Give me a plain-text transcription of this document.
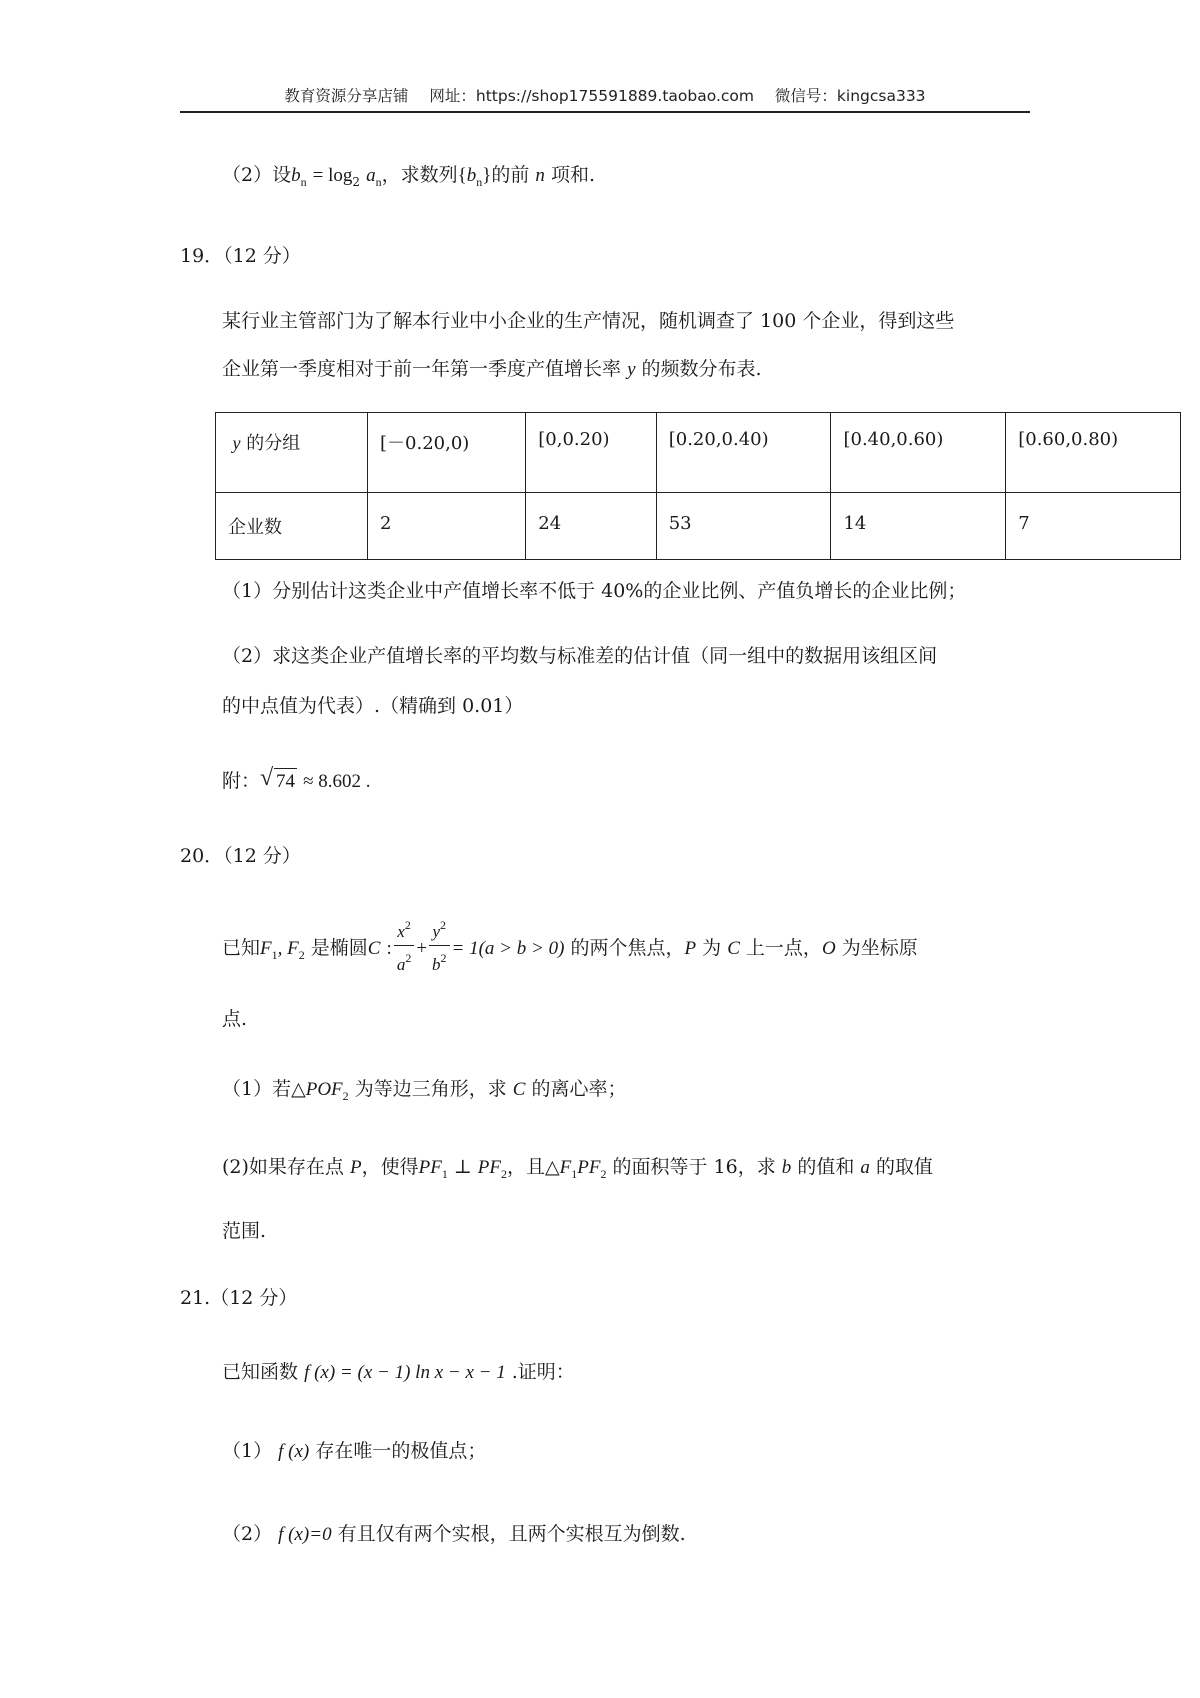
教育资源分享店铺 网址：https://shop175591889.taobao.com 微信号：kingcsa333
（2）设$b_n = \log_2 a_n$，求数列$\{b_n\}$的前 n 项和.
19．（12 分）
某行业主管部门为了解本行业中小企业的生产情况，随机调查了 100 个企业，得到这些
企业第一季度相对于前一年第一季度产值增长率 y 的频数分布表.
y 的分组	[－0.20,0)	[0,0.20)	[0.20,0.40)	[0.40,0.60)	[0.60,0.80)
企业数	2	24	53	14	7
（1）分别估计这类企业中产值增长率不低于 40%的企业比例、产值负增长的企业比例；
（2）求这类企业产值增长率的平均数与标准差的估计值（同一组中的数据用该组区间
的中点值为代表）.（精确到 0.01）
附： √ 74 ≈ 8.602 .
20．（12 分）
已知$F_1$, $F_2$ 是椭圆C : $\frac{x^2}{a^2} + \frac{y^2}{b^2} = 1(a > b > 0)$ 的两个焦点，P 为 C 上一点，O 为坐标原
点.
（1）若$\triangle POF_2$ 为等边三角形，求 C 的离心率；
(2)如果存在点 P，使得$PF_1$ ⊥ $PF_2$，且$\triangle F_1PF_2$ 的面积等于 16，求 b 的值和 a 的取值
范围.
21.（12 分）
已知函数 f (x) = (x − 1) ln x − x − 1 .证明：
（1） f (x) 存在唯一的极值点；
（2） f (x)=0 有且仅有两个实根，且两个实根互为倒数.
